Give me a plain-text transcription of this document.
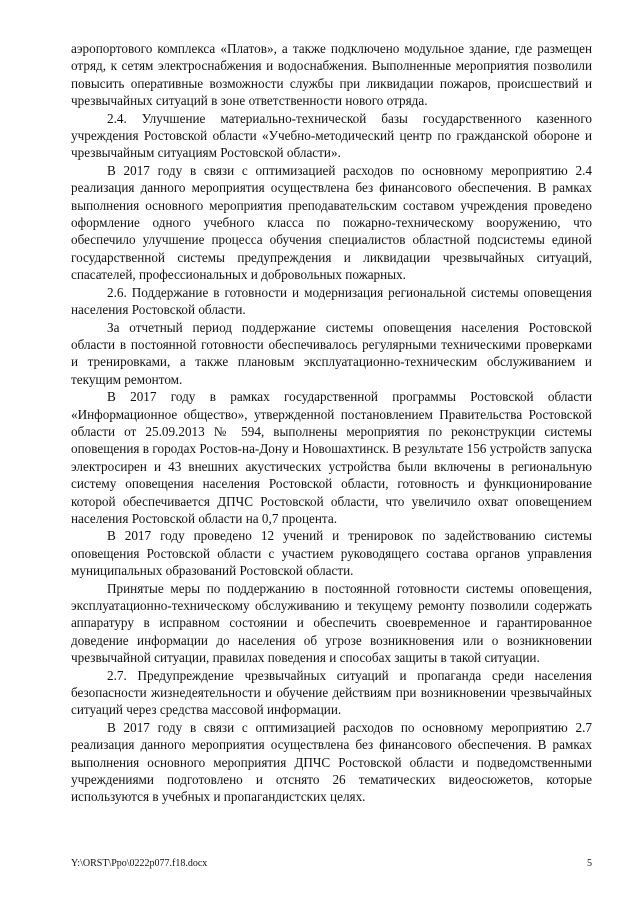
аэропортового комплекса «Платов», а также подключено модульное здание, где размещен отряд, к сетям электроснабжения и водоснабжения. Выполненные мероприятия позволили повысить оперативные возможности службы при ликвидации пожаров, происшествий и чрезвычайных ситуаций в зоне ответственности нового отряда.

2.4. Улучшение материально-технической базы государственного казенного учреждения Ростовской области «Учебно-методический центр по гражданской обороне и чрезвычайным ситуациям Ростовской области».

В 2017 году в связи с оптимизацией расходов по основному мероприятию 2.4 реализация данного мероприятия осуществлена без финансового обеспечения. В рамках выполнения основного мероприятия преподавательским составом учреждения проведено оформление одного учебного класса по пожарно-техническому вооружению, что обеспечило улучшение процесса обучения специалистов областной подсистемы единой государственной системы предупреждения и ликвидации чрезвычайных ситуаций, спасателей, профессиональных и добровольных пожарных.

2.6. Поддержание в готовности и модернизация региональной системы оповещения населения Ростовской области.

За отчетный период поддержание системы оповещения населения Ростовской области в постоянной готовности обеспечивалось регулярными техническими проверками и тренировками, а также плановым эксплуатационно-техническим обслуживанием и текущим ремонтом.

В 2017 году в рамках государственной программы Ростовской области «Информационное общество», утвержденной постановлением Правительства Ростовской области от 25.09.2013 № 594, выполнены мероприятия по реконструкции системы оповещения в городах Ростов-на-Дону и Новошахтинск. В результате 156 устройств запуска электросирен и 43 внешних акустических устройства были включены в региональную систему оповещения населения Ростовской области, готовность и функционирование которой обеспечивается ДПЧС Ростовской области, что увеличило охват оповещением населения Ростовской области на 0,7 процента.

В 2017 году проведено 12 учений и тренировок по задействованию системы оповещения Ростовской области с участием руководящего состава органов управления муниципальных образований Ростовской области.

Принятые меры по поддержанию в постоянной готовности системы оповещения, эксплуатационно-техническому обслуживанию и текущему ремонту позволили содержать аппаратуру в исправном состоянии и обеспечить своевременное и гарантированное доведение информации до населения об угрозе возникновения или о возникновении чрезвычайной ситуации, правилах поведения и способах защиты в такой ситуации.

2.7. Предупреждение чрезвычайных ситуаций и пропаганда среди населения безопасности жизнедеятельности и обучение действиям при возникновении чрезвычайных ситуаций через средства массовой информации.

В 2017 году в связи с оптимизацией расходов по основному мероприятию 2.7 реализация данного мероприятия осуществлена без финансового обеспечения. В рамках выполнения основного мероприятия ДПЧС Ростовской области и подведомственными учреждениями подготовлено и отснято 26 тематических видеосюжетов, которые используются в учебных и пропагандистских целях.

Y:\ORST\Ppo\0222p077.f18.docx	5
